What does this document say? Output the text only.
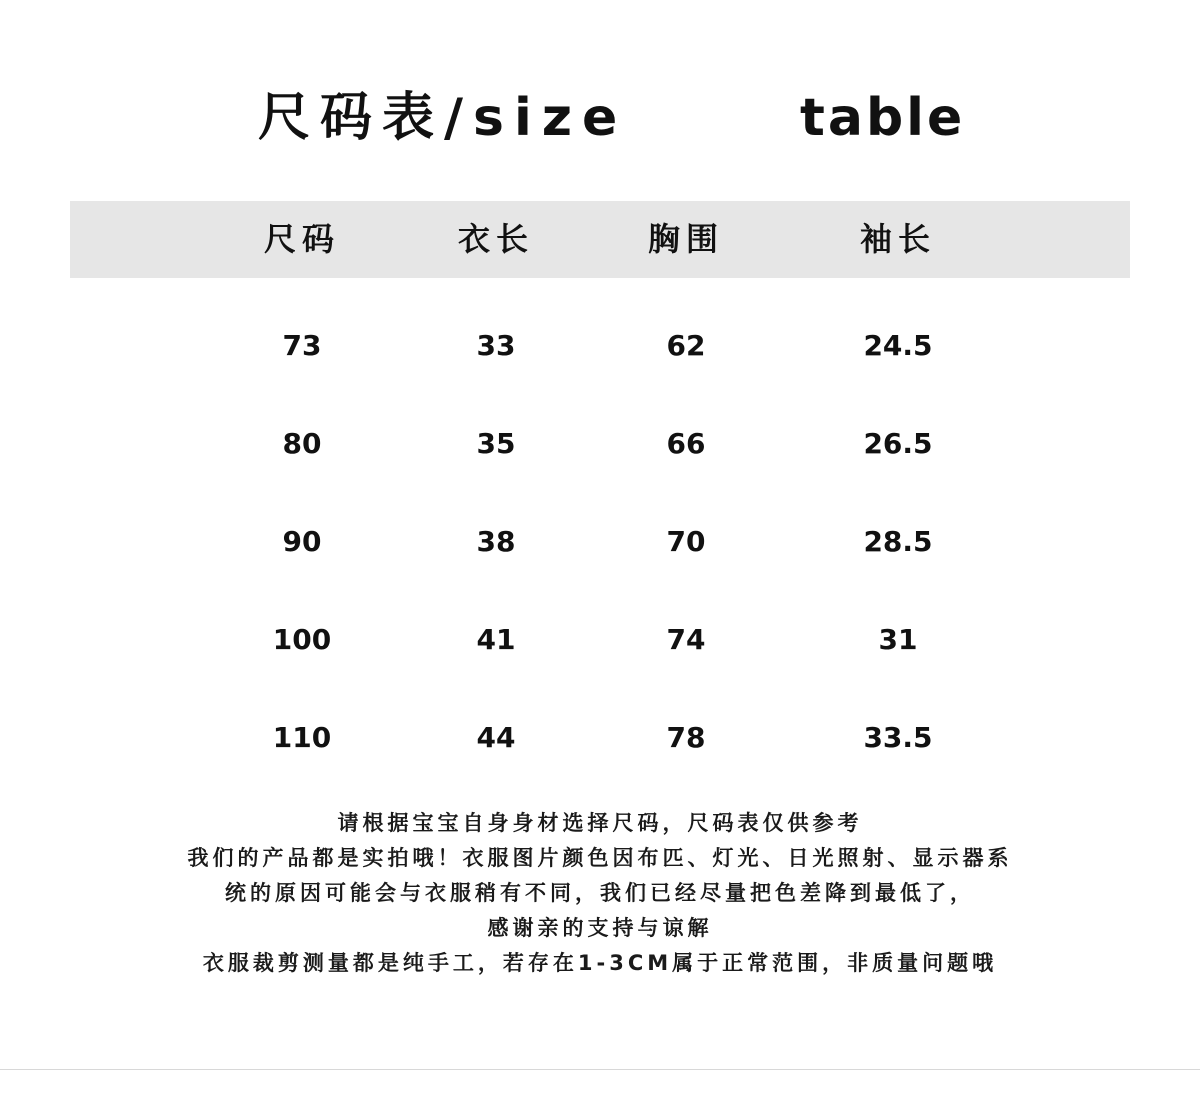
尺码表/size	table
尺码	衣长	胸围	袖长
73	33	62	24.5
80	35	66	26.5
90	38	70	28.5
100	41	74	31
110	44	78	33.5
请根据宝宝自身身材选择尺码，尺码表仅供参考
我们的产品都是实拍哦！衣服图片颜色因布匹、灯光、日光照射、显示器系
统的原因可能会与衣服稍有不同，我们已经尽量把色差降到最低了，
感谢亲的支持与谅解
衣服裁剪测量都是纯手工，若存在1-3CM属于正常范围，非质量问题哦
